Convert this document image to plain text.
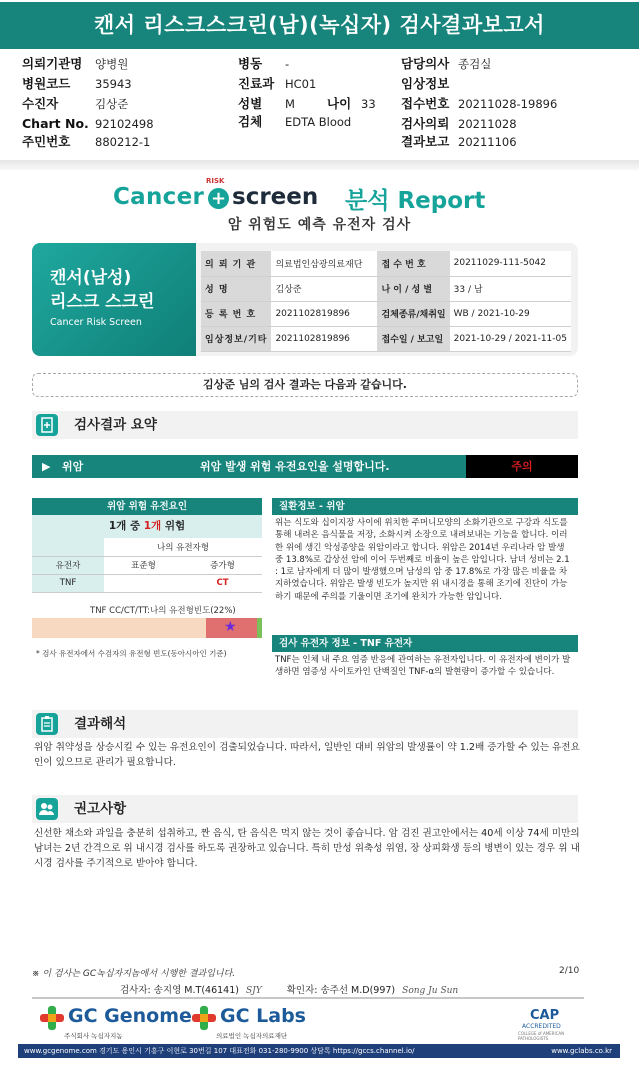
캔서 리스크스크린(남)(녹십자) 검사결과보고서
의뢰기관명 양병원
병원코드 35943
수진자	김상준
Chart No. 92102498
주민번호 880212-1
병동 -
진료과 HC01
성별 M	나이 33
검체 EDTA Blood
담당의사 종검실
임상정보
접수번호 20211028-19896
검사의뢰 20211028
결과보고 20211106
Cancer
RISK
+ screen 분석 Report
암 위험도 예측 유전자 검사
캔서(남성)
리스크 스크린
Cancer Risk Screen
의 뢰 기 관	의료법인삼광의료재단	접 수 번 호	20211029-111-5042
성 명	김상준	나 이 / 성 별	33 / 남
등 록 번 호	2021102819896	검체종류/채취일	WB / 2021-10-29
임상정보/기타	2021102819896	접수일 / 보고일	2021-10-29 / 2021-11-05
김상준 님의 검사 결과는 다음과 같습니다.
검사결과 요약
▶ 위암	위암 발생 위험 유전요인을 설명합니다.	주의
위암 위험 유전요인
1개 중 1개 위험
	나의 유전자형	
유전자	표준형	증가형
TNF		CT
TNF CC/CT/TT:나의 유전형빈도(22%)
★
* 검사 유전자에서 수검자의 유전형 빈도(동아시아인 기준)
질환정보 - 위암
위는 식도와 십이지장 사이에 위치한 주머니모양의 소화기관으로 구강과 식도를 통해 내려온 음식물을 저장, 소화시켜 소장으로 내려보내는 기능을 합니다. 이러한 위에 생긴 악성종양을 위암이라고 합니다. 위암은 2014년 우리나라 암 발생 중 13.8%로 갑상선 암에 이어 두번째로 비율이 높은 암입니다. 남녀 성비는 2.1 : 1로 남자에게 더 많이 발생했으며 남성의 암 중 17.8%로 가장 많은 비율을 차지하였습니다. 위암은 발생 빈도가 높지만 위 내시경을 통해 조기에 진단이 가능하기 때문에 주의를 기울이면 조기에 완치가 가능한 암입니다.
검사 유전자 정보 - TNF 유전자
TNF는 인체 내 주요 염증 반응에 관여하는 유전자입니다. 이 유전자에 변이가 발생하면 염증성 사이토카인 단백질인 TNF-α의 발현량이 증가할 수 있습니다.
결과해석
위암 취약성을 상승시킬 수 있는 유전요인이 검출되었습니다. 따라서, 일반인 대비 위암의 발생률이 약 1.2배 증가할 수 있는 유전요인이 있으므로 관리가 필요합니다.
권고사항
신선한 채소와 과일을 충분히 섭취하고, 짠 음식, 탄 음식은 먹지 않는 것이 좋습니다. 암 검진 권고안에서는 40세 이상 74세 미만의 남녀는 2년 간격으로 위 내시경 검사를 하도록 권장하고 있습니다. 특히 만성 위축성 위염, 장 상피화생 등의 병변이 있는 경우 위 내시경 검사를 주기적으로 받아야 합니다.
※ 이 검사는 GC녹십자지놈에서 시행한 결과입니다.	2/10
검사자: 송지영 M.T(46141) SJY	확인자: 송주선 M.D(997) Song Ju Sun
GC Genome
주식회사 녹십자지놈
GC Labs
의료법인 녹십자의료재단
CAP
ACCREDITED
COLLEGE of AMERICAN PATHOLOGISTS
www.gcgenome.com 경기도 용인시 기흥구 이현로 30번길 107 대표전화 031-280-9900 상담톡 https://gccs.channel.io/	www.gclabs.co.kr
